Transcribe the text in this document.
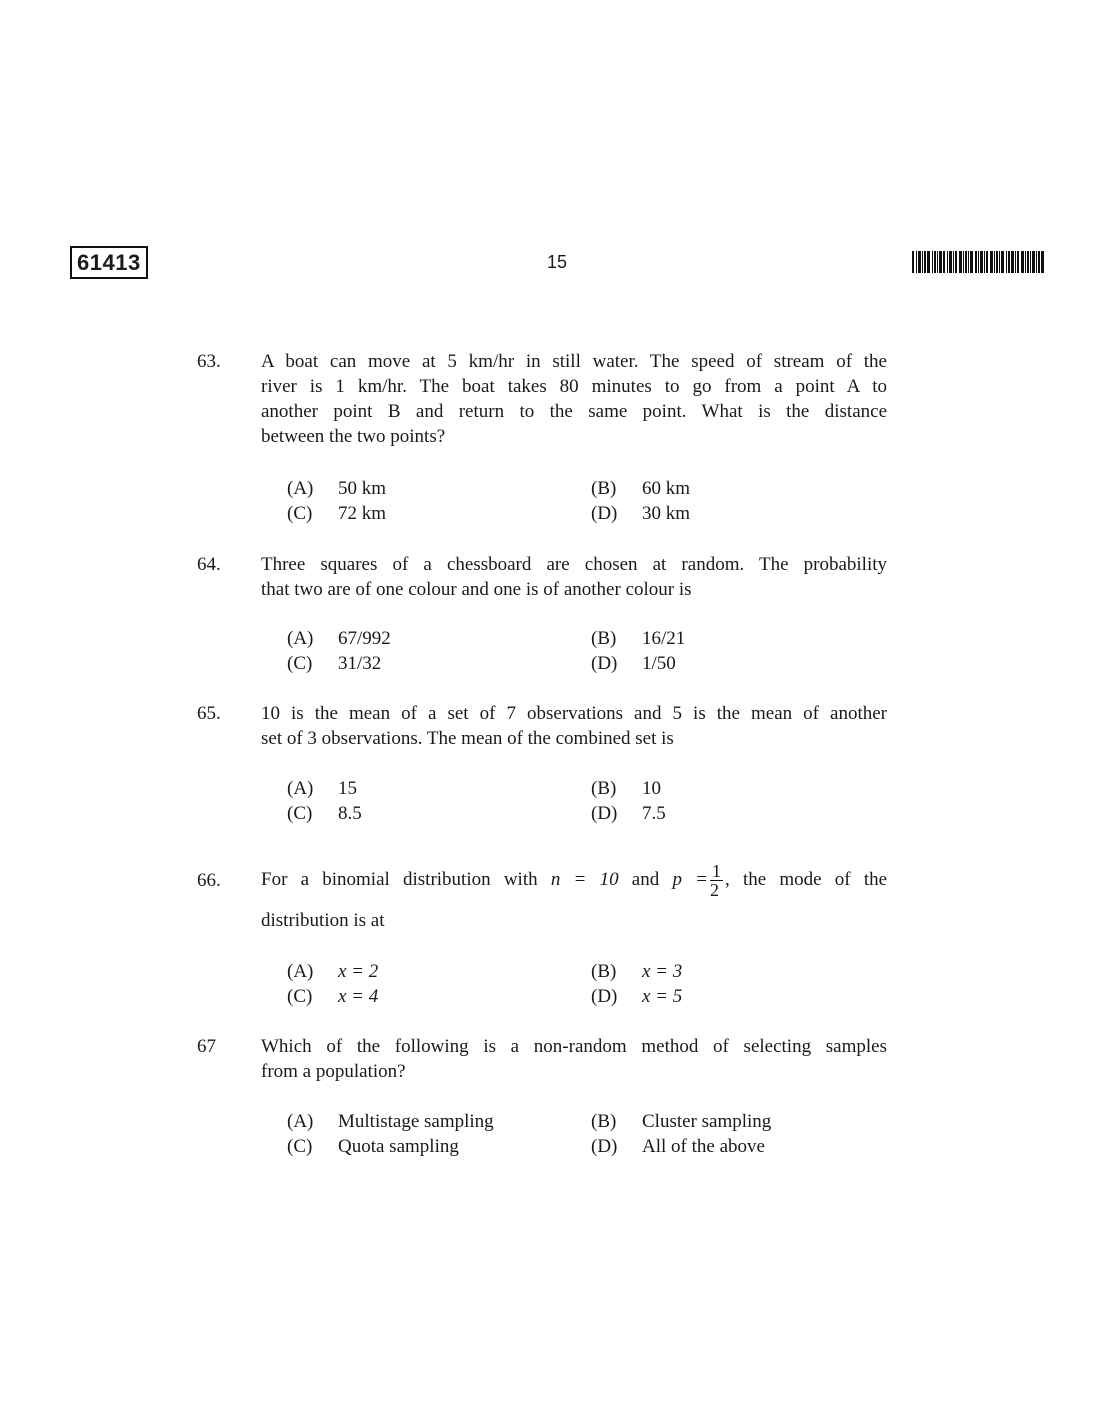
61413	15
63. A boat can move at 5 km/hr in still water. The speed of stream of the
river is 1 km/hr. The boat takes 80 minutes to go from a point A to
another point B and return to the same point. What is the distance
between the two points?
(A) 50 km	(B) 60 km
(C) 72 km	(D) 30 km
64. Three squares of a chessboard are chosen at random. The probability
that two are of one colour and one is of another colour is
(A) 67/992	(B) 16/21
(C) 31/32	(D) 1/50
65. 10 is the mean of a set of 7 observations and 5 is the mean of another
set of 3 observations. The mean of the combined set is
(A) 15	(B) 10
(C) 8.5	(D) 7.5
66. For a binomial distribution with n = 10 and $p = \frac{1}{2}$ , the mode of the
distribution is at
(A) x = 2	(B) x = 3
(C) x = 4	(D) x = 5
67 Which of the following is a non-random method of selecting samples
from a population?
(A) Multistage sampling	(B) Cluster sampling
(C) Quota sampling	(D) All of the above
